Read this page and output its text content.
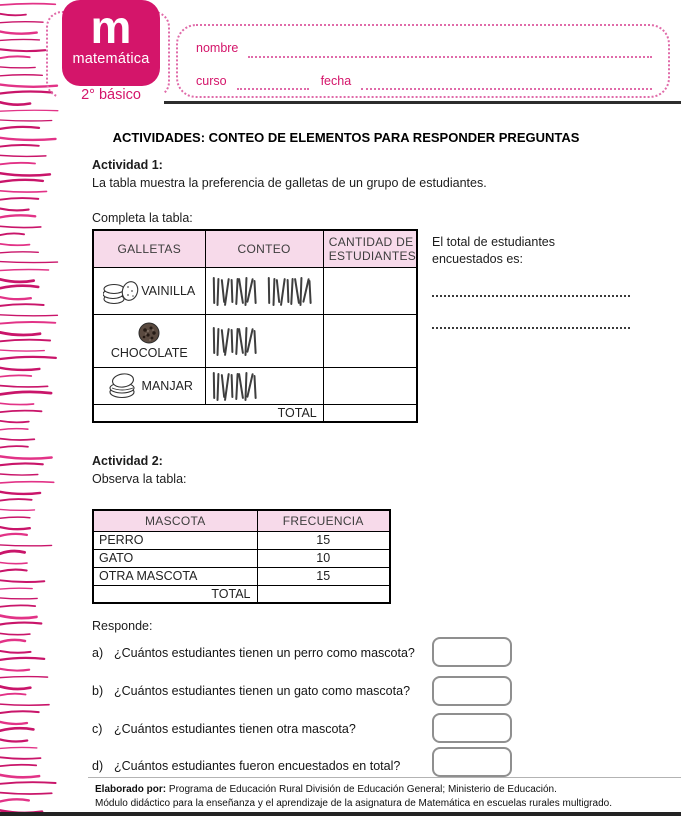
m
matemática
2° básico
nombre
curso	fecha
ACTIVIDADES: CONTEO DE ELEMENTOS PARA RESPONDER PREGUNTAS
Actividad 1:
La tabla muestra la preferencia de galletas de un grupo de estudiantes.
Completa la tabla:
GALLETAS	CONTEO	CANTIDAD DE ESTUDIANTES

VAINILLA		

CHOCOLATE		

MANJAR		

TOTAL		
El total de estudiantes
encuestados es:
Actividad 2:
Observa la tabla:
MASCOTA	FRECUENCIA
PERRO	15
GATO	10
OTRA MASCOTA	15
TOTAL	
Responde:
a) ¿Cuántos estudiantes tienen un perro como mascota?
b) ¿Cuántos estudiantes tienen un gato como mascota?
c) ¿Cuántos estudiantes tienen otra mascota?
d) ¿Cuántos estudiantes fueron encuestados en total?
Elaborado por: Programa de Educación Rural División de Educación General; Ministerio de Educación.
Módulo didáctico para la enseñanza y el aprendizaje de la asignatura de Matemática en escuelas rurales multigrado.
